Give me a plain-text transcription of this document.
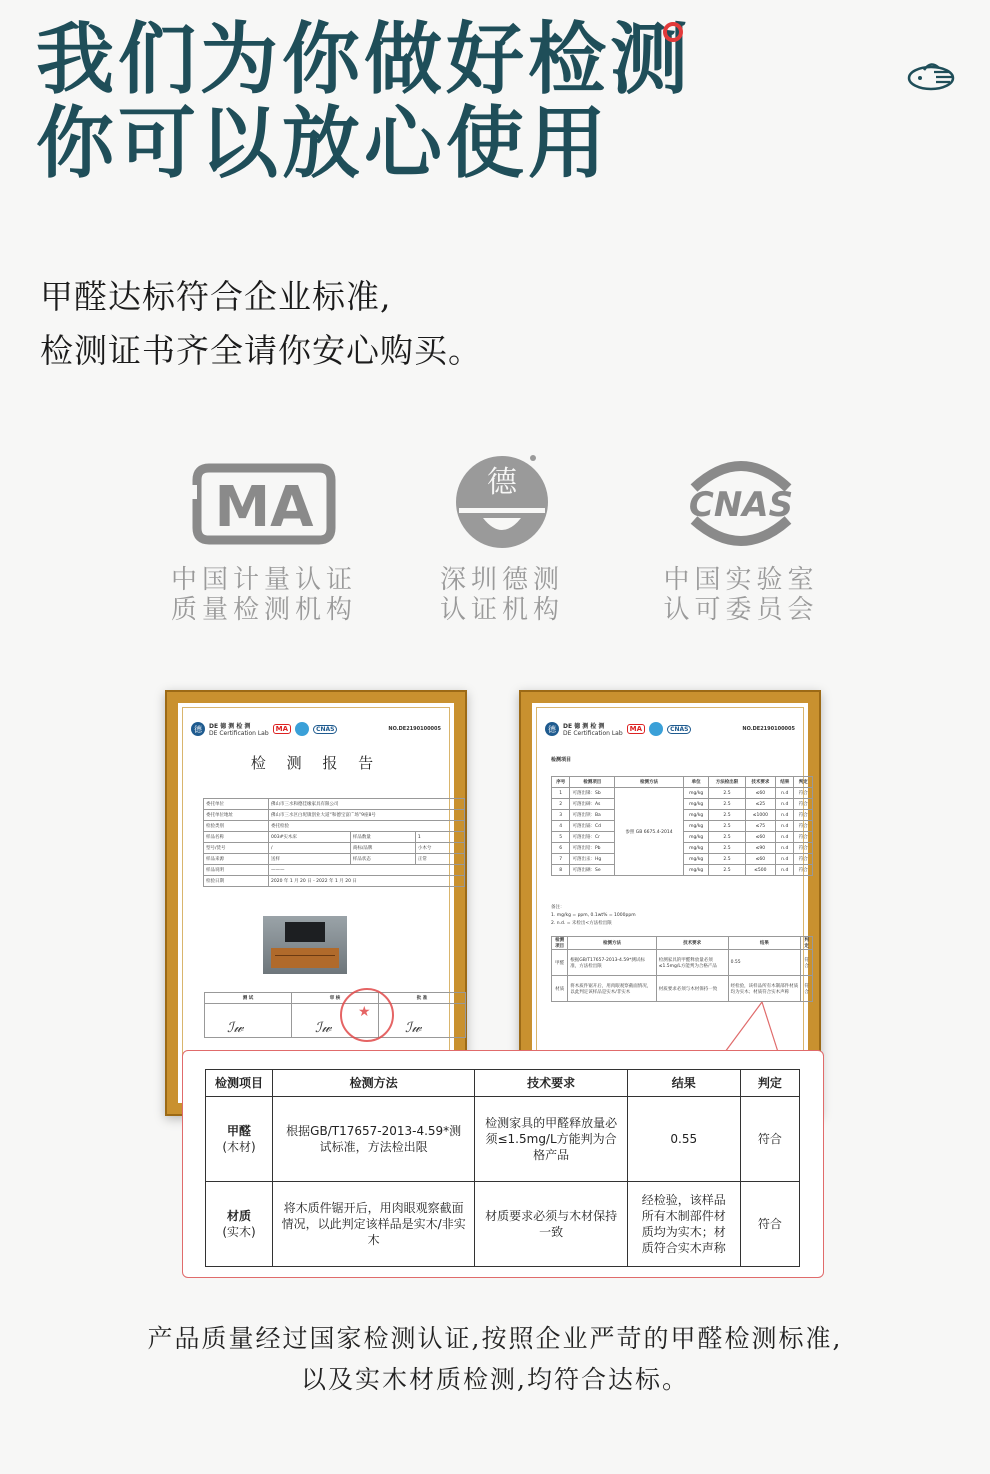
我们为你做好检测
你可以放心使用
甲醛达标符合企业标准,
检测证书齐全请你安心购买。
MA
中国计量认证
质量检测机构
德
深圳德测
认证机构
CNAS
中国实验室
认可委员会
德	DE 德 测 检 测
DE Certification Lab
MA	CNAS	NO.DE2190100005
检 测 报 告
委托单位	佛山市三水和德佳缘家具有限公司		
委托单位地址	佛山市三水区白坭镇创业大道“和德宝富广场”9座8号		
检验类别	委托检验		
样品名称	003#实木床	样品数量	1
型号/货号	/	商标/品牌	小木兮
样品来源	送样	样品状态	正常
样品说明	———		
检验日期	2020 年 1 月 20 日 - 2022 年 1 月 20 日		
测 试	审 核	批 准

★
ℐ𝓌	ℐ𝓌	ℐ𝓌
德	DE 德 测 检 测
DE Certification Lab
MA	CNAS	NO.DE2190100005
检测项目
序号	检测项目	检测方法	单位	方法检出限	技术要求	结果	判定
1	可溶出锑：Sb	参照 GB 6675.4-2014	mg/kg	2.5	≤60	n.d	符合
2	可溶出砷：As		mg/kg	2.5	≤25	n.d	符合
3	可溶出钡：Ba		mg/kg	2.5	≤1000	n.d	符合
4	可溶出镉：Cd		mg/kg	2.5	≤75	n.d	符合
5	可溶出铬：Cr		mg/kg	2.5	≤60	n.d	符合
6	可溶出铅：Pb		mg/kg	2.5	≤90	n.d	符合
7	可溶出汞：Hg		mg/kg	2.5	≤60	n.d	符合
8	可溶出硒：Se		mg/kg	2.5	≤500	n.d	符合
备注：
1. mg/kg = ppm, 0.1wt% = 1000ppm
2. n.d. = 未检出<方法检出限
检测项目	检测方法	技术要求	结果	判定
甲醛	根据GB/T17657-2013-4.59*测试标准，方法检出限	检测家具的甲醛释放量必须≤1.5mg/L方能判为合格产品	0.55	符合
材质	将木质件锯开后，用肉眼观察截面情况，以此判定该样品是实木/非实木	材质要求必须与木材保持一致	经检验，该样品所有木制部件材质均为实木；材质符合实木声称	符合
检测项目	检测方法	技术要求	结果	判定
甲醛
(木材)	根据GB/T17657-2013-4.59*测试标准，方法检出限	检测家具的甲醛释放量必须≤1.5mg/L方能判为合格产品	0.55	符合
材质
(实木)	将木质件锯开后，用肉眼观察截面情况，以此判定该样品是实木/非实木	材质要求必须与木材保持一致	经检验，该样品所有木制部件材质均为实木；材质符合实木声称	符合
产品质量经过国家检测认证,按照企业严苛的甲醛检测标准,
以及实木材质检测,均符合达标。
